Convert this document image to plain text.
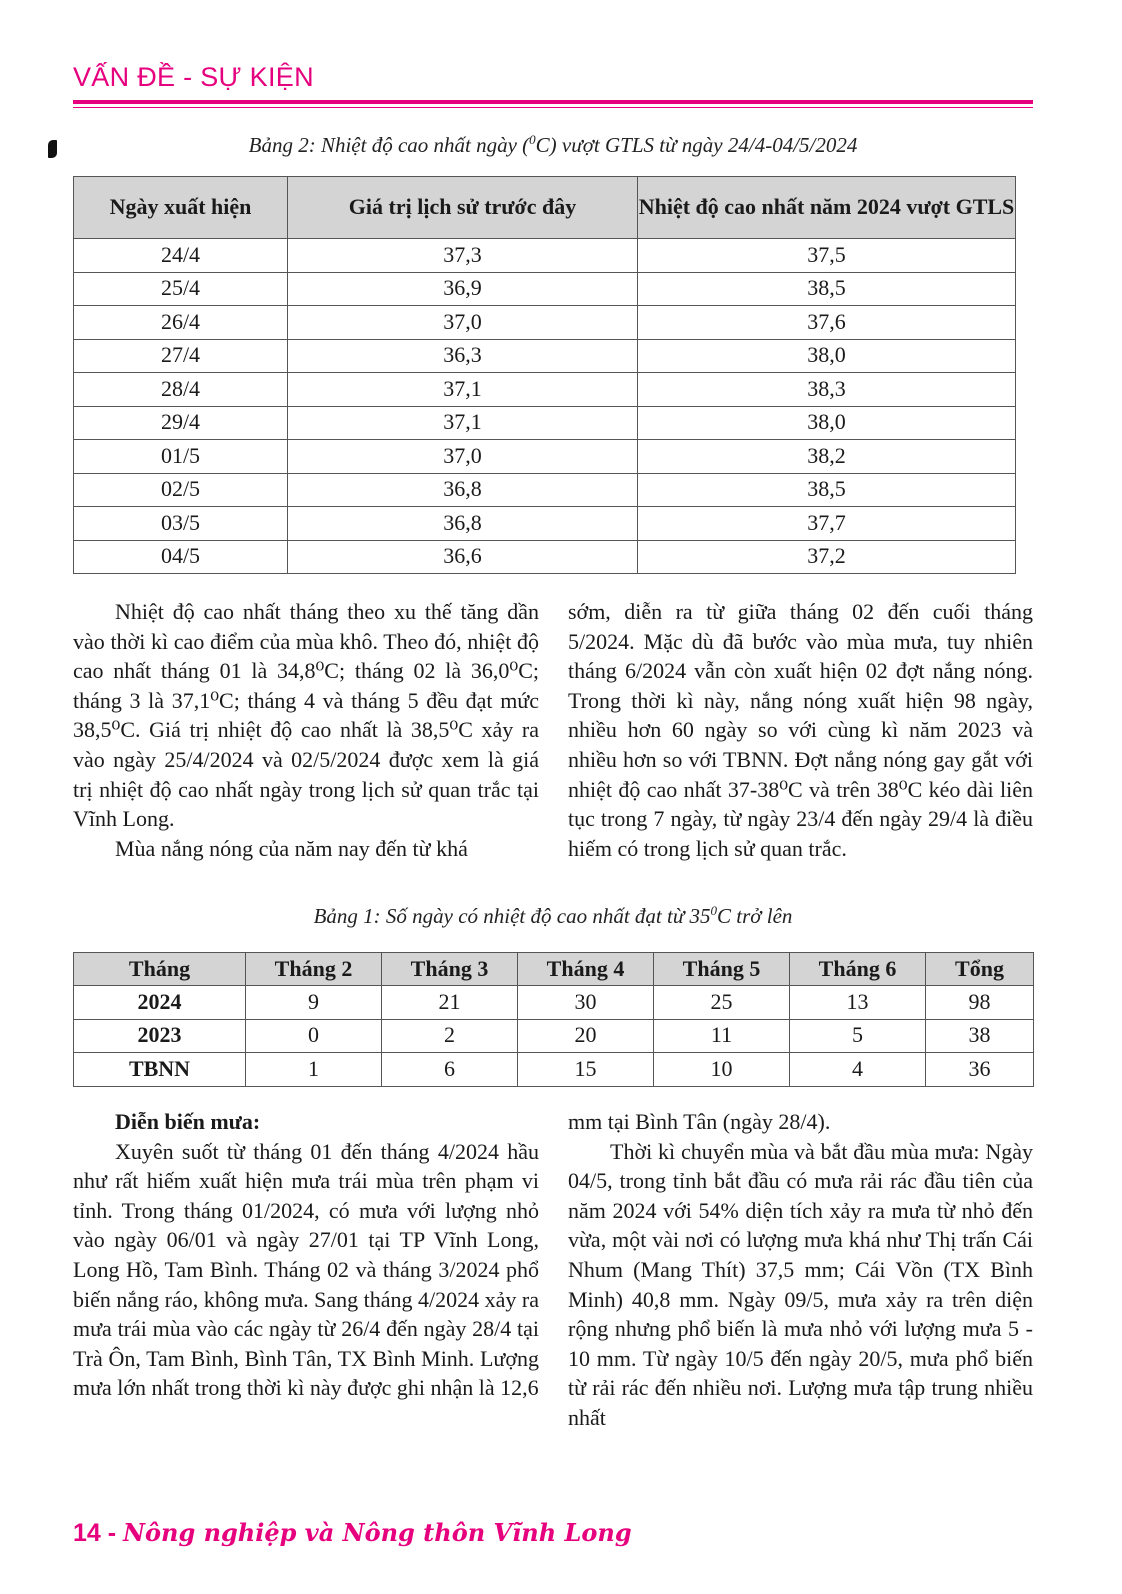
VẤN ĐỀ - SỰ KIỆN
Bảng 2: Nhiệt độ cao nhất ngày ($^0$C) vượt GTLS từ ngày 24/4-04/5/2024
Ngày xuất hiện	Giá trị lịch sử trước đây	Nhiệt độ cao nhất năm 2024 vượt GTLS
24/4	37,3	37,5
25/4	36,9	38,5
26/4	37,0	37,6
27/4	36,3	38,0
28/4	37,1	38,3
29/4	37,1	38,0
01/5	37,0	38,2
02/5	36,8	38,5
03/5	36,8	37,7
04/5	36,6	37,2

Nhiệt độ cao nhất tháng theo xu thế tăng dần vào thời kì cao điểm của mùa khô. Theo đó, nhiệt độ cao nhất tháng 01 là 34,8⁰C; tháng 02 là 36,0⁰C; tháng 3 là 37,1⁰C; tháng 4 và tháng 5 đều đạt mức 38,5⁰C. Giá trị nhiệt độ cao nhất là 38,5⁰C xảy ra vào ngày 25/4/2024 và 02/5/2024 được xem là giá trị nhiệt độ cao nhất ngày trong lịch sử quan trắc tại Vĩnh Long.

Mùa nắng nóng của năm nay đến từ khá

sớm, diễn ra từ giữa tháng 02 đến cuối tháng 5/2024. Mặc dù đã bước vào mùa mưa, tuy nhiên tháng 6/2024 vẫn còn xuất hiện 02 đợt nắng nóng. Trong thời kì này, nắng nóng xuất hiện 98 ngày, nhiều hơn 60 ngày so với cùng kì năm 2023 và nhiều hơn so với TBNN. Đợt nắng nóng gay gắt với nhiệt độ cao nhất 37-38⁰C và trên 38⁰C kéo dài liên tục trong 7 ngày, từ ngày 23/4 đến ngày 29/4 là điều hiếm có trong lịch sử quan trắc.

Bảng 1: Số ngày có nhiệt độ cao nhất đạt từ $35^0C$ trở lên
Tháng	Tháng 2	Tháng 3	Tháng 4	Tháng 5	Tháng 6	Tổng
2024	9	21	30	25	13	98
2023	0	2	20	11	5	38
TBNN	1	6	15	10	4	36

Diễn biến mưa:

Xuyên suốt từ tháng 01 đến tháng 4/2024 hầu như rất hiếm xuất hiện mưa trái mùa trên phạm vi tỉnh. Trong tháng 01/2024, có mưa với lượng nhỏ vào ngày 06/01 và ngày 27/01 tại TP Vĩnh Long, Long Hồ, Tam Bình. Tháng 02 và tháng 3/2024 phổ biến nắng ráo, không mưa. Sang tháng 4/2024 xảy ra mưa trái mùa vào các ngày từ 26/4 đến ngày 28/4 tại Trà Ôn, Tam Bình, Bình Tân, TX Bình Minh. Lượng mưa lớn nhất trong thời kì này được ghi nhận là 12,6

mm tại Bình Tân (ngày 28/4).

Thời kì chuyển mùa và bắt đầu mùa mưa: Ngày 04/5, trong tỉnh bắt đầu có mưa rải rác đầu tiên của năm 2024 với 54% diện tích xảy ra mưa từ nhỏ đến vừa, một vài nơi có lượng mưa khá như Thị trấn Cái Nhum (Mang Thít) 37,5 mm; Cái Vồn (TX Bình Minh) 40,8 mm. Ngày 09/5, mưa xảy ra trên diện rộng nhưng phổ biến là mưa nhỏ với lượng mưa 5 - 10 mm. Từ ngày 10/5 đến ngày 20/5, mưa phổ biến từ rải rác đến nhiều nơi. Lượng mưa tập trung nhiều nhất

14 - Nông nghiệp và Nông thôn Vĩnh Long
